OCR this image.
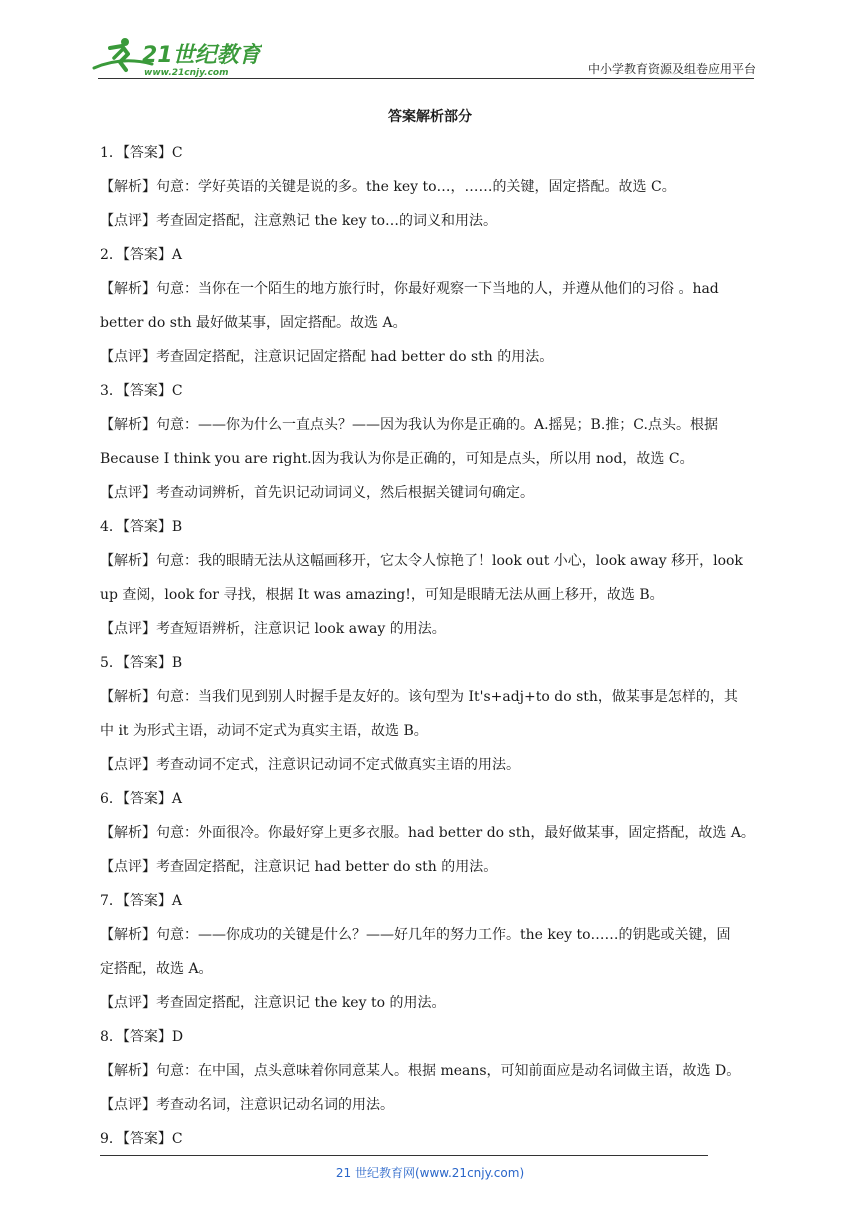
21世纪教育
www.21cnjy.com	中小学教育资源及组卷应用平台
答案解析部分
1．【答案】C
【解析】句意：学好英语的关键是说的多。the key to…，……的关键，固定搭配。故选 C。
【点评】考查固定搭配，注意熟记 the key to…的词义和用法。
2．【答案】A
【解析】句意：当你在一个陌生的地方旅行时，你最好观察一下当地的人，并遵从他们的习俗 。had
better do sth 最好做某事，固定搭配。故选 A。
【点评】考查固定搭配，注意识记固定搭配 had better do sth 的用法。
3．【答案】C
【解析】句意：——你为什么一直点头？——因为我认为你是正确的。A.摇晃；B.推；C.点头。根据
Because I think you are right.因为我认为你是正确的，可知是点头，所以用 nod，故选 C。
【点评】考查动词辨析，首先识记动词词义，然后根据关键词句确定。
4．【答案】B
【解析】句意：我的眼睛无法从这幅画移开，它太令人惊艳了！look out 小心，look away 移开，look
up 查阅，look for 寻找，根据 It was amazing!，可知是眼睛无法从画上移开，故选 B。
【点评】考查短语辨析，注意识记 look away 的用法。
5．【答案】B
【解析】句意：当我们见到别人时握手是友好的。该句型为 It's+adj+to do sth，做某事是怎样的，其
中 it 为形式主语，动词不定式为真实主语，故选 B。
【点评】考查动词不定式，注意识记动词不定式做真实主语的用法。
6．【答案】A
【解析】句意：外面很冷。你最好穿上更多衣服。had better do sth，最好做某事，固定搭配，故选 A。
【点评】考查固定搭配，注意识记 had better do sth 的用法。
7．【答案】A
【解析】句意：——你成功的关键是什么？——好几年的努力工作。the key to……的钥匙或关键，固
定搭配，故选 A。
【点评】考查固定搭配，注意识记 the key to 的用法。
8．【答案】D
【解析】句意：在中国，点头意味着你同意某人。根据 means，可知前面应是动名词做主语，故选 D。
【点评】考查动名词，注意识记动名词的用法。
9．【答案】C
21 世纪教育网(www.21cnjy.com)
